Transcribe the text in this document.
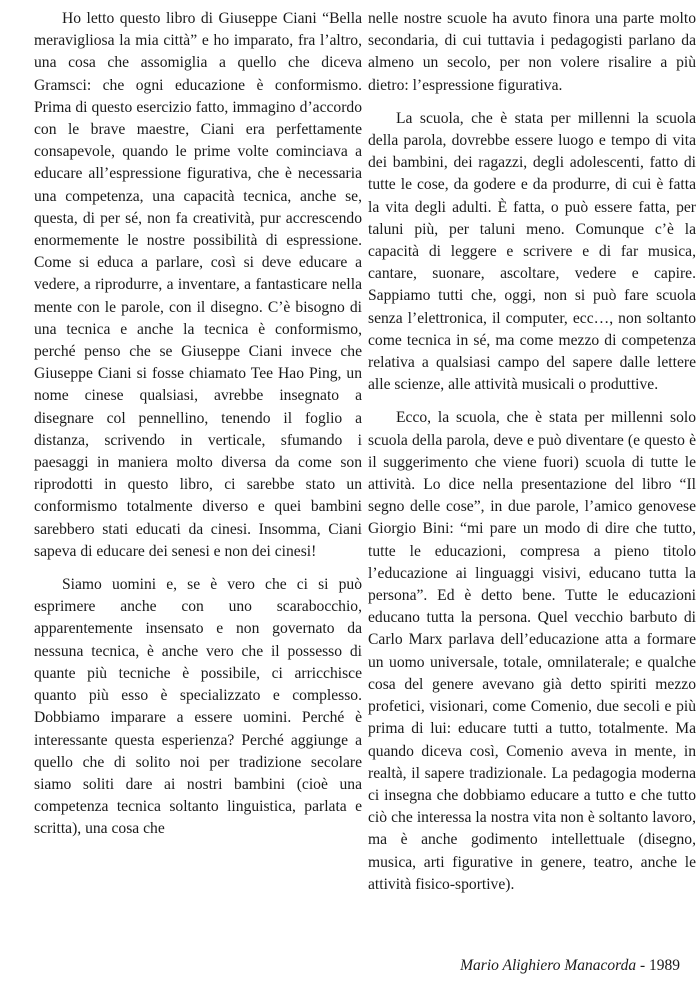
Ho letto questo libro di Giuseppe Ciani “Bella meravigliosa la mia città” e ho imparato, fra l’altro, una cosa che assomiglia a quello che diceva Gramsci: che ogni educazione è conformismo. Prima di questo esercizio fatto, immagino d’accordo con le brave maestre, Ciani era perfettamente consapevole, quando le prime volte cominciava a educare all’espressione figurativa, che è necessaria una competenza, una capacità tecnica, anche se, questa, di per sé, non fa creatività, pur accrescendo enormemente le nostre possibilità di espressione. Come si educa a parlare, così si deve educare a vedere, a riprodurre, a inventare, a fantasticare nella mente con le parole, con il disegno. C’è bisogno di una tecnica e anche la tecnica è conformismo, perché penso che se Giuseppe Ciani invece che Giuseppe Ciani si fosse chiamato Tee Hao Ping, un nome cinese qualsiasi, avrebbe insegnato a disegnare col pennellino, tenendo il foglio a distanza, scrivendo in verticale, sfumando i paesaggi in maniera molto diversa da come son riprodotti in questo libro, ci sarebbe stato un conformismo totalmente diverso e quei bambini sarebbero stati educati da cinesi. Insomma, Ciani sapeva di educare dei senesi e non dei cinesi!

Siamo uomini e, se è vero che ci si può esprimere anche con uno scarabocchio, apparentemente insensato e non governato da nessuna tecnica, è anche vero che il possesso di quante più tecniche è possibile, ci arricchisce quanto più esso è specializzato e complesso. Dobbiamo imparare a essere uomini. Perché è interessante questa esperienza? Perché aggiunge a quello che di solito noi per tradizione secolare siamo soliti dare ai nostri bambini (cioè una competenza tecnica soltanto linguistica, parlata e scritta), una cosa che

nelle nostre scuole ha avuto finora una parte molto secondaria, di cui tuttavia i pedagogisti parlano da almeno un secolo, per non volere risalire a più dietro: l’espressione figurativa.

La scuola, che è stata per millenni la scuola della parola, dovrebbe essere luogo e tempo di vita dei bambini, dei ragazzi, degli adolescenti, fatto di tutte le cose, da godere e da produrre, di cui è fatta la vita degli adulti. È fatta, o può essere fatta, per taluni più, per taluni meno. Comunque c’è la capacità di leggere e scrivere e di far musica, cantare, suonare, ascoltare, vedere e capire. Sappiamo tutti che, oggi, non si può fare scuola senza l’elettronica, il computer, ecc…, non soltanto come tecnica in sé, ma come mezzo di competenza relativa a qualsiasi campo del sapere dalle lettere alle scienze, alle attività musicali o produttive.

Ecco, la scuola, che è stata per millenni solo scuola della parola, deve e può diventare (e questo è il suggerimento che viene fuori) scuola di tutte le attività. Lo dice nella presentazione del libro “Il segno delle cose”, in due parole, l’amico genovese Giorgio Bini: “mi pare un modo di dire che tutto, tutte le educazioni, compresa a pieno titolo l’educazione ai linguaggi visivi, educano tutta la persona”. Ed è detto bene. Tutte le educazioni educano tutta la persona. Quel vecchio barbuto di Carlo Marx parlava dell’educazione atta a formare un uomo universale, totale, omnilaterale; e qualche cosa del genere avevano già detto spiriti mezzo profetici, visionari, come Comenio, due secoli e più prima di lui: educare tutti a tutto, totalmente. Ma quando diceva così, Comenio aveva in mente, in realtà, il sapere tradizionale. La pedagogia moderna ci insegna che dobbiamo educare a tutto e che tutto ciò che interessa la nostra vita non è soltanto lavoro, ma è anche godimento intellettuale (disegno, musica, arti figurative in genere, teatro, anche le attività fisico-sportive).

Mario Alighiero Manacorda - 1989
